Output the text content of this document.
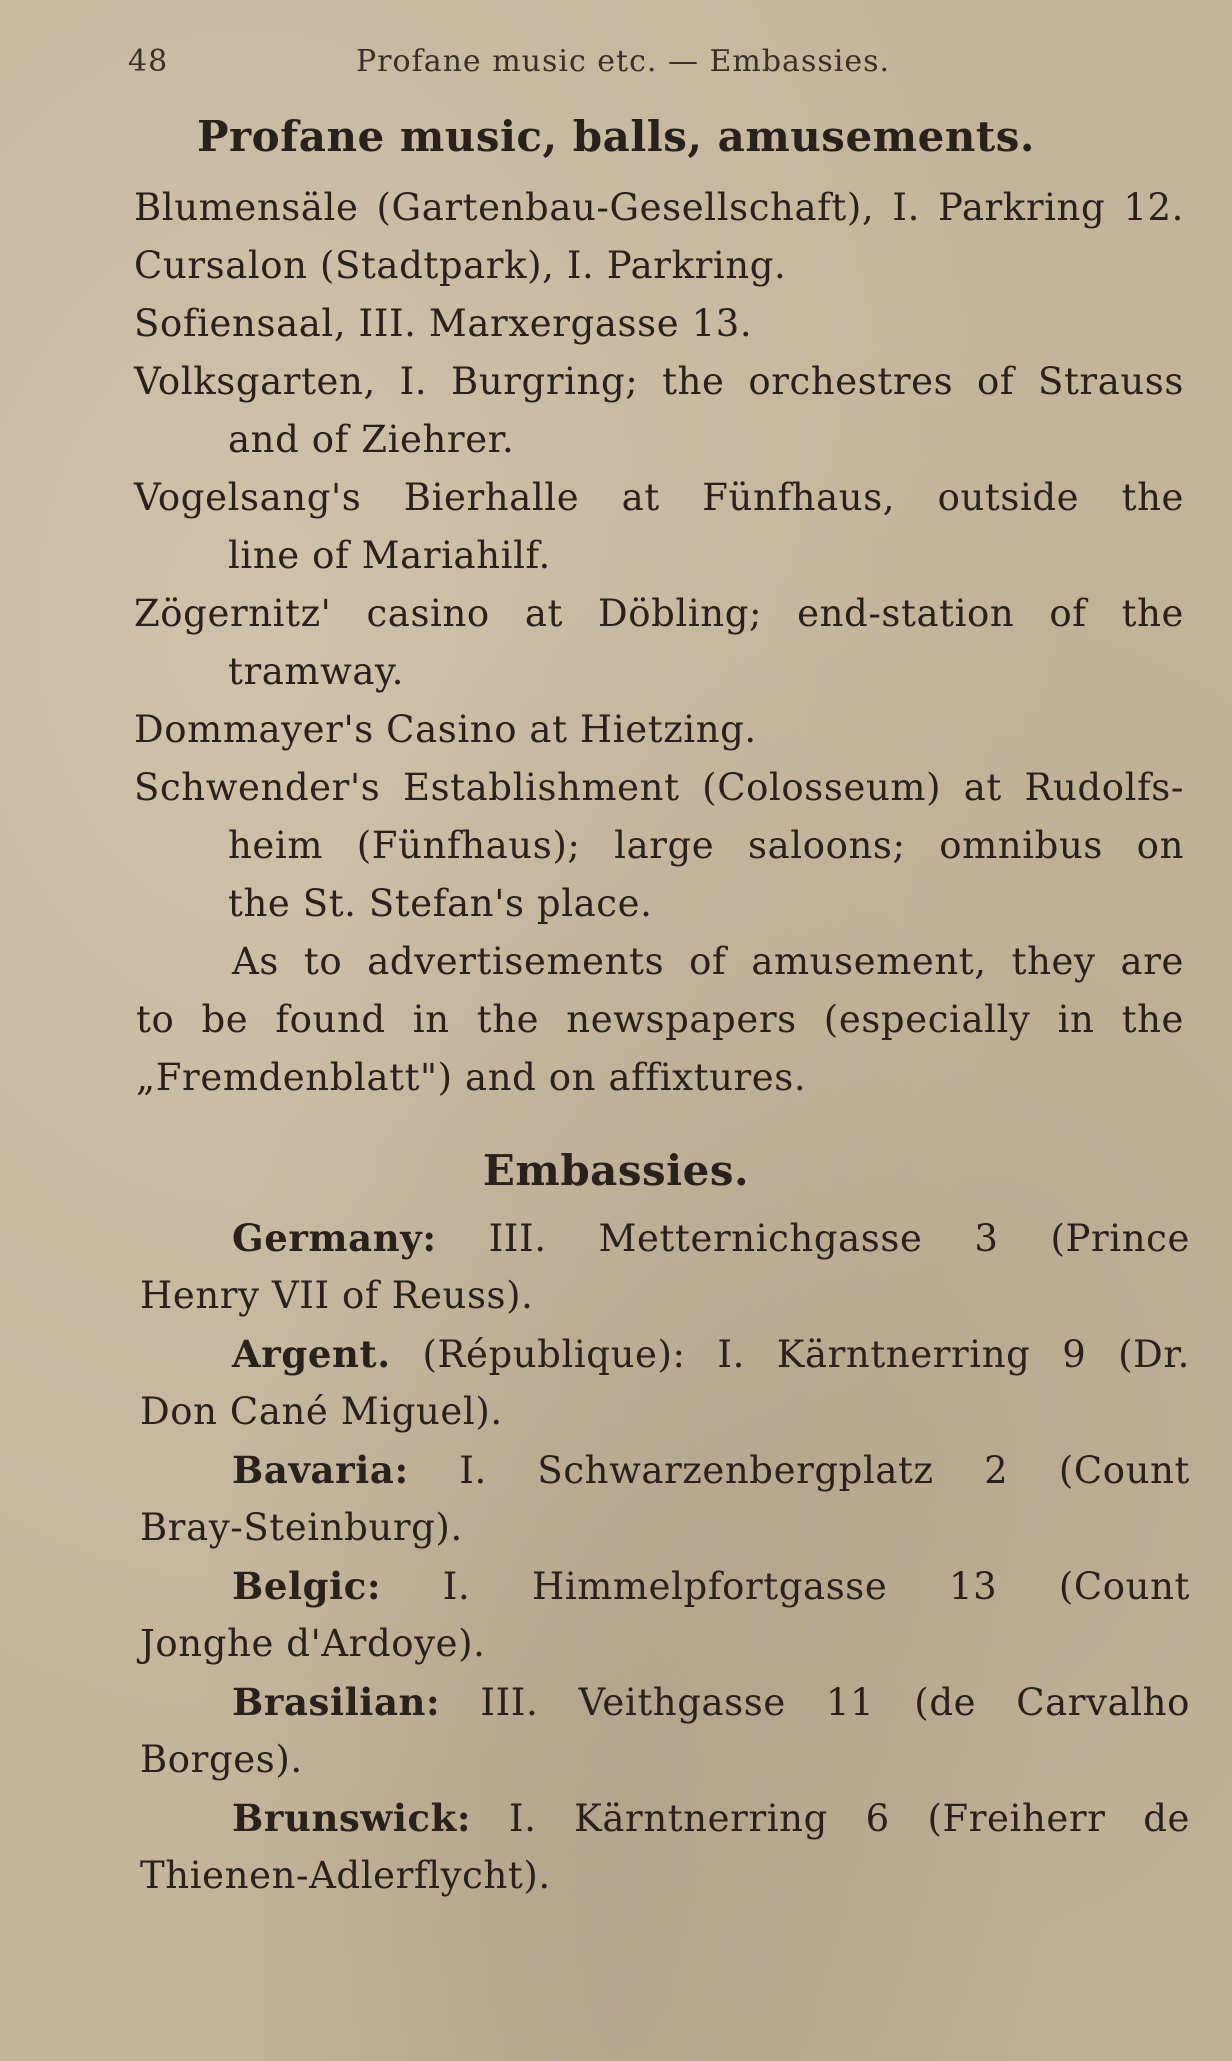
48	Profane music etc. — Embassies.
Profane music, balls, amusements.
Blumensäle (Gartenbau-Gesellschaft), I. Parkring 12.
Cursalon (Stadtpark), I. Parkring.
Sofiensaal, III. Marxergasse 13.
Volksgarten, I. Burgring; the orchestres of Strauss
and of Ziehrer.
Vogelsang's Bierhalle at Fünfhaus, outside the
line of Mariahilf.
Zögernitz' casino at Döbling; end-station of the
tramway.
Dommayer's Casino at Hietzing.
Schwender's Establishment (Colosseum) at Rudolfs-
heim (Fünfhaus); large saloons; omnibus on
the St. Stefan's place.
As to advertisements of amusement, they are
to be found in the newspapers (especially in the
„Fremdenblatt") and on affixtures.
Embassies.
Germany: III. Metternichgasse 3 (Prince
Henry VII of Reuss).
Argent. (République): I. Kärntnerring 9 (Dr.
Don Cané Miguel).
Bavaria: I. Schwarzenbergplatz 2 (Count
Bray-Steinburg).
Belgic: I. Himmelpfortgasse 13 (Count
Jonghe d'Ardoye).
Brasilian: III. Veithgasse 11 (de Carvalho
Borges).
Brunswick: I. Kärntnerring 6 (Freiherr de
Thienen-Adlerflycht).
